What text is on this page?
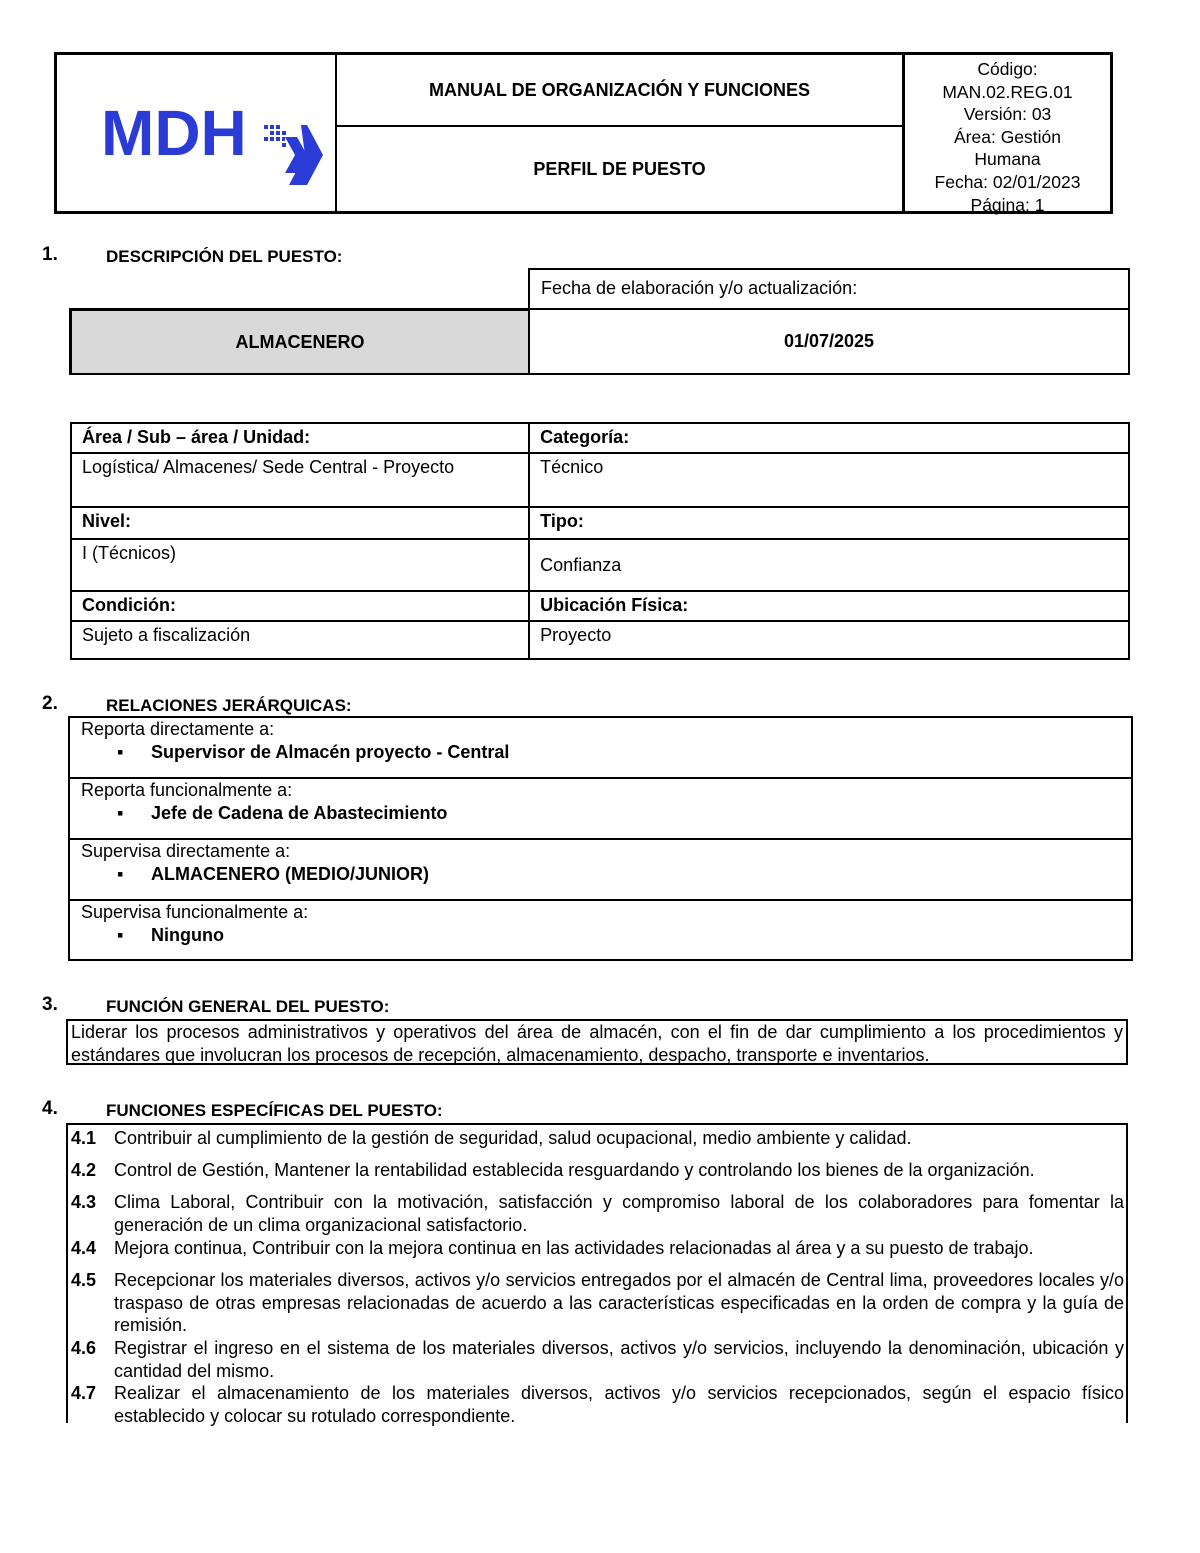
MDH
MANUAL DE ORGANIZACIÓN Y FUNCIONES
PERFIL DE PUESTO
Código:
MAN.02.REG.01
Versión: 03
Área: Gestión
Humana
Fecha: 02/01/2023
Página: 1
1.	DESCRIPCIÓN DEL PUESTO:
Fecha de elaboración y/o actualización:
ALMACENERO	01/07/2025
Área / Sub – área / Unidad:	Categoría:
Logística/ Almacenes/ Sede Central - Proyecto	Técnico
Nivel:	Tipo:
I (Técnicos)	Confianza
Condición:	Ubicación Física:
Sujeto a fiscalización	Proyecto
2.	RELACIONES JERÁRQUICAS:
Reporta directamente a:
▪ Supervisor de Almacén proyecto - Central
Reporta funcionalmente a:
▪ Jefe de Cadena de Abastecimiento
Supervisa directamente a:
▪ ALMACENERO (MEDIO/JUNIOR)
Supervisa funcionalmente a:
▪ Ninguno
3.	FUNCIÓN GENERAL DEL PUESTO:
Liderar los procesos administrativos y operativos del área de almacén, con el fin de dar cumplimiento a los procedimientos y estándares que involucran los procesos de recepción, almacenamiento, despacho, transporte e inventarios.
4.	FUNCIONES ESPECÍFICAS DEL PUESTO:
4.1 Contribuir al cumplimiento de la gestión de seguridad, salud ocupacional, medio ambiente y calidad.
4.2 Control de Gestión, Mantener la rentabilidad establecida resguardando y controlando los bienes de la organización.
4.3 Clima Laboral, Contribuir con la motivación, satisfacción y compromiso laboral de los colaboradores para fomentar la generación de un clima organizacional satisfactorio.
4.4 Mejora continua, Contribuir con la mejora continua en las actividades relacionadas al área y a su puesto de trabajo.
4.5 Recepcionar los materiales diversos, activos y/o servicios entregados por el almacén de Central lima, proveedores locales y/o traspaso de otras empresas relacionadas de acuerdo a las características especificadas en la orden de compra y la guía de remisión.
4.6 Registrar el ingreso en el sistema de los materiales diversos, activos y/o servicios, incluyendo la denominación, ubicación y cantidad del mismo.
4.7 Realizar el almacenamiento de los materiales diversos, activos y/o servicios recepcionados, según el espacio físico establecido y colocar su rotulado correspondiente.
